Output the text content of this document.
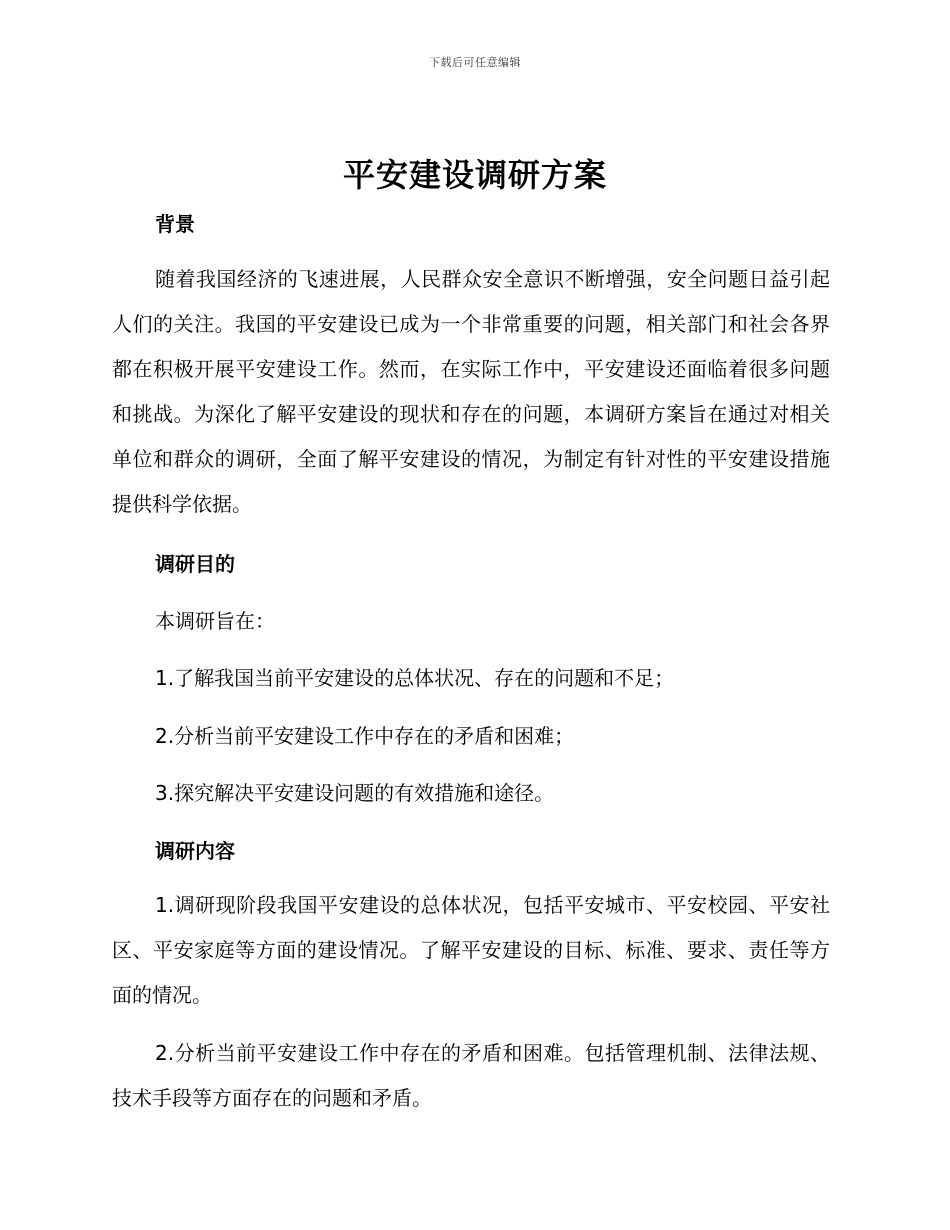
下载后可任意编辑
平安建设调研方案
背景

随着我国经济的飞速进展，人民群众安全意识不断增强，安全问题日益引起人们的关注。我国的平安建设已成为一个非常重要的问题，相关部门和社会各界都在积极开展平安建设工作。然而，在实际工作中，平安建设还面临着很多问题和挑战。为深化了解平安建设的现状和存在的问题，本调研方案旨在通过对相关单位和群众的调研，全面了解平安建设的情况，为制定有针对性的平安建设措施提供科学依据。

调研目的

本调研旨在：

1.了解我国当前平安建设的总体状况、存在的问题和不足；

2.分析当前平安建设工作中存在的矛盾和困难；

3.探究解决平安建设问题的有效措施和途径。

调研内容

1.调研现阶段我国平安建设的总体状况，包括平安城市、平安校园、平安社区、平安家庭等方面的建设情况。了解平安建设的目标、标准、要求、责任等方面的情况。

2.分析当前平安建设工作中存在的矛盾和困难。包括管理机制、法律法规、技术手段等方面存在的问题和矛盾。
